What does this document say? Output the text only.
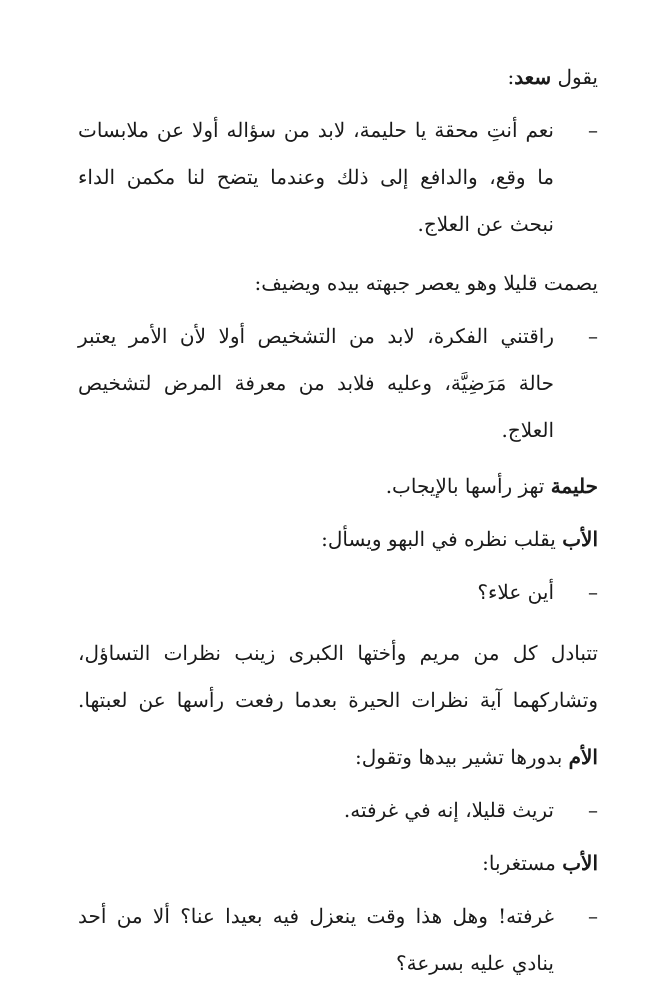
يقول سعد:

–

نعم أنتِ محقة يا حليمة، لابد من سؤاله أولا عن ملابسات

ما وقع، والدافع إلى ذلك وعندما يتضح لنا مكمن الداء

نبحث عن العلاج.

يصمت قليلا وهو يعصر جبهته بيده ويضيف:

–

راقتني الفكرة، لابد من التشخيص أولا لأن الأمر يعتبر

حالة مَرَضِيَّة، وعليه فلابد من معرفة المرض لتشخيص

العلاج.

حليمة تهز رأسها بالإيجاب.

الأب يقلب نظره في البهو ويسأل:

–

أين علاء؟

تتبادل كل من مريم وأختها الكبرى زينب نظرات التساؤل،

وتشاركهما آية نظرات الحيرة بعدما رفعت رأسها عن لعبتها.

الأم بدورها تشير بيدها وتقول:

–

تريث قليلا، إنه في غرفته.

الأب مستغربا:

–

غرفته! وهل هذا وقت ينعزل فيه بعيدا عنا؟ ألا من أحد

ينادي عليه بسرعة؟
